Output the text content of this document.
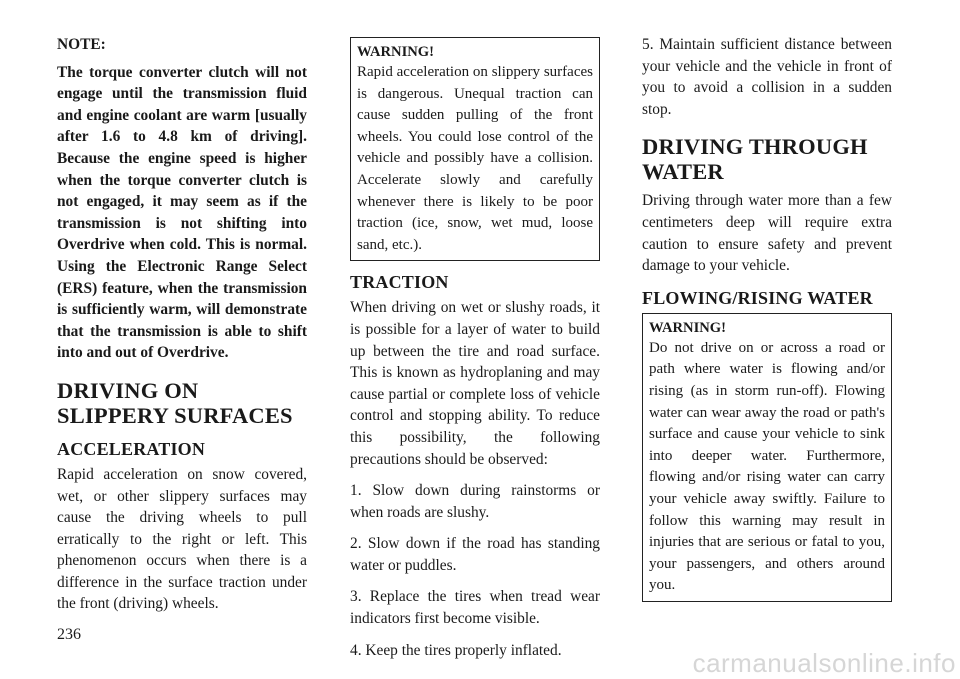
NOTE:

The torque converter clutch will not engage until the transmission fluid and engine coolant are warm [usually after 1.6 to 4.8 km of driving]. Because the engine speed is higher when the torque converter clutch is not engaged, it may seem as if the transmission is not shifting into Overdrive when cold. This is normal. Using the Electronic Range Select (ERS) feature, when the transmission is sufficiently warm, will demonstrate that the transmission is able to shift into and out of Overdrive.

DRIVING ON SLIPPERY SURFACES
ACCELERATION

Rapid acceleration on snow covered, wet, or other slippery surfaces may cause the driving wheels to pull erratically to the right or left. This phenomenon occurs when there is a difference in the surface traction under the front (driving) wheels.

WARNING!
Rapid acceleration on slippery surfaces is dangerous. Unequal traction can cause sudden pulling of the front wheels. You could lose control of the vehicle and possibly have a collision. Accelerate slowly and carefully whenever there is likely to be poor traction (ice, snow, wet mud, loose sand, etc.).
TRACTION

When driving on wet or slushy roads, it is possible for a layer of water to build up between the tire and road surface. This is known as hydroplaning and may cause partial or complete loss of vehicle control and stopping ability. To reduce this possibility, the following precautions should be observed:

1. Slow down during rainstorms or when roads are slushy.

2. Slow down if the road has standing water or puddles.

3. Replace the tires when tread wear indicators first become visible.

4. Keep the tires properly inflated.

5. Maintain sufficient distance between your vehicle and the vehicle in front of you to avoid a collision in a sudden stop.

DRIVING THROUGH WATER

Driving through water more than a few centimeters deep will require extra caution to ensure safety and prevent damage to your vehicle.

FLOWING/RISING WATER
WARNING!
Do not drive on or across a road or path where water is flowing and/or rising (as in storm run-off). Flowing water can wear away the road or path's surface and cause your vehicle to sink into deeper water. Furthermore, flowing and/or rising water can carry your vehicle away swiftly. Failure to follow this warning may result in injuries that are serious or fatal to you, your passengers, and others around you.
236
carmanualsonline.info
